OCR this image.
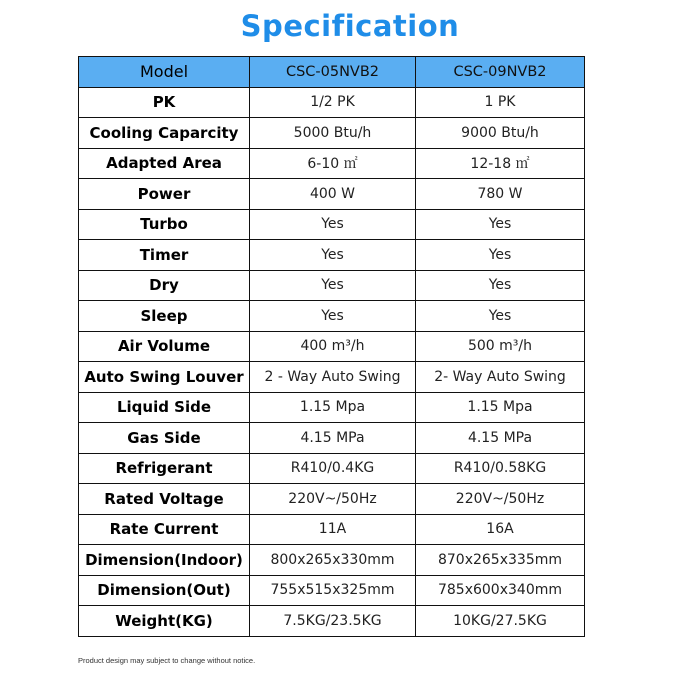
Specification
Model	CSC-05NVB2	CSC-09NVB2
PK	1/2 PK	1 PK
Cooling Caparcity	5000 Btu/h	9000 Btu/h
Adapted Area	6-10 ㎡	12-18 ㎡
Power	400 W	780 W
Turbo	Yes	Yes
Timer	Yes	Yes
Dry	Yes	Yes
Sleep	Yes	Yes
Air Volume	400 m³/h	500 m³/h
Auto Swing Louver	2 - Way Auto Swing	2- Way Auto Swing
Liquid Side	1.15 Mpa	1.15 Mpa
Gas Side	4.15 MPa	4.15 MPa
Refrigerant	R410/0.4KG	R410/0.58KG
Rated Voltage	220V~/50Hz	220V~/50Hz
Rate Current	11A	16A
Dimension(Indoor)	800x265x330mm	870x265x335mm
Dimension(Out)	755x515x325mm	785x600x340mm
Weight(KG)	7.5KG/23.5KG	10KG/27.5KG
Product design may subject to change without notice.
